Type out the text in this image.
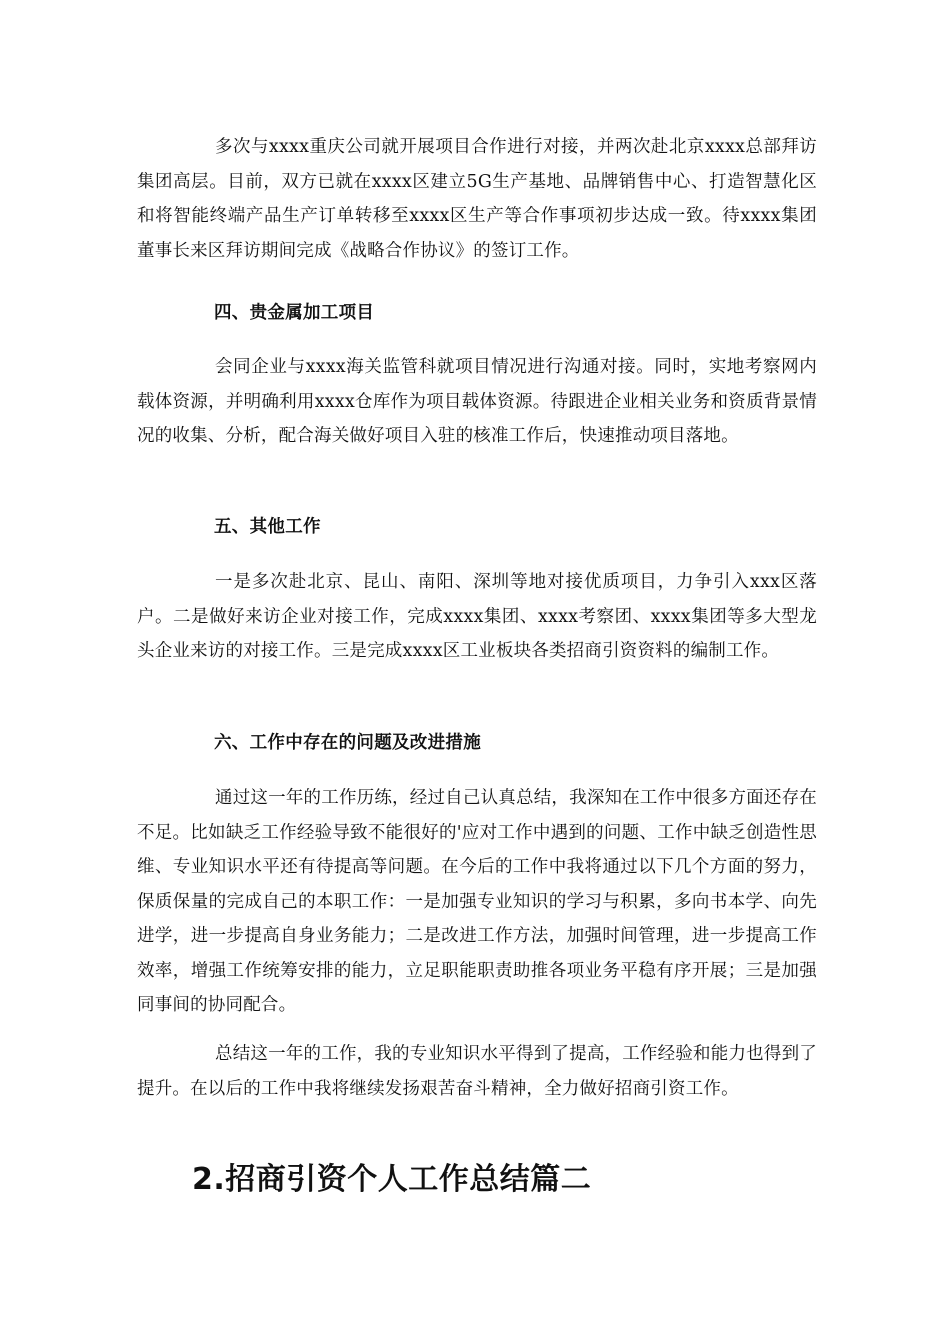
多次与xxxx重庆公司就开展项目合作进行对接，并两次赴北京xxxx总部拜访集团高层。目前，双方已就在xxxx区建立5G生产基地、品牌销售中心、打造智慧化区和将智能终端产品生产订单转移至xxxx区生产等合作事项初步达成一致。待xxxx集团董事长来区拜访期间完成《战略合作协议》的签订工作。

四、贵金属加工项目

会同企业与xxxx海关监管科就项目情况进行沟通对接。同时，实地考察网内载体资源，并明确利用xxxx仓库作为项目载体资源。待跟进企业相关业务和资质背景情况的收集、分析，配合海关做好项目入驻的核准工作后，快速推动项目落地。

五、其他工作

一是多次赴北京、昆山、南阳、深圳等地对接优质项目，力争引入xxx区落户。二是做好来访企业对接工作，完成xxxx集团、xxxx考察团、xxxx集团等多大型龙头企业来访的对接工作。三是完成xxxx区工业板块各类招商引资资料的编制工作。

六、工作中存在的问题及改进措施

通过这一年的工作历练，经过自己认真总结，我深知在工作中很多方面还存在不足。比如缺乏工作经验导致不能很好的'应对工作中遇到的问题、工作中缺乏创造性思维、专业知识水平还有待提高等问题。在今后的工作中我将通过以下几个方面的努力，保质保量的完成自己的本职工作：一是加强专业知识的学习与积累，多向书本学、向先进学，进一步提高自身业务能力；二是改进工作方法，加强时间管理，进一步提高工作效率，增强工作统筹安排的能力，立足职能职责助推各项业务平稳有序开展；三是加强同事间的协同配合。

总结这一年的工作，我的专业知识水平得到了提高，工作经验和能力也得到了提升。在以后的工作中我将继续发扬艰苦奋斗精神，全力做好招商引资工作。

2.招商引资个人工作总结篇二
